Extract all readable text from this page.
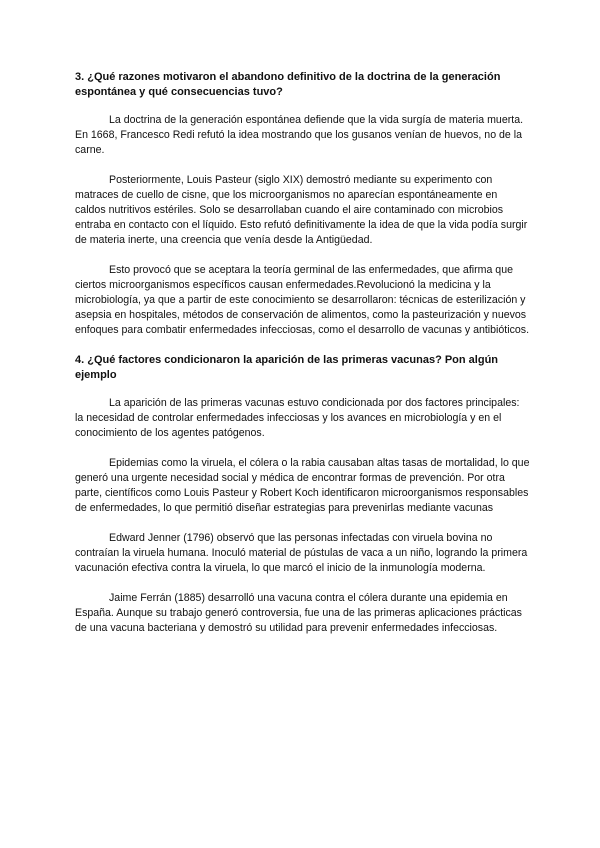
3. ¿Qué razones motivaron el abandono definitivo de la doctrina de la generación espontánea y qué consecuencias tuvo?

La doctrina de la generación espontánea defiende que la vida surgía de materia muerta. En 1668, Francesco Redi refutó la idea mostrando que los gusanos venían de huevos, no de la carne.

Posteriormente, Louis Pasteur (siglo XIX) demostró mediante su experimento con matraces de cuello de cisne, que los microorganismos no aparecían espontáneamente en caldos nutritivos estériles. Solo se desarrollaban cuando el aire contaminado con microbios entraba en contacto con el líquido. Esto refutó definitivamente la idea de que la vida podía surgir de materia inerte, una creencia que venía desde la Antigüedad.

Esto provocó que se aceptara la teoría germinal de las enfermedades, que afirma que ciertos microorganismos específicos causan enfermedades.Revolucionó la medicina y la microbiología, ya que a partir de este conocimiento se desarrollaron: técnicas de esterilización y asepsia en hospitales, métodos de conservación de alimentos, como la pasteurización y nuevos enfoques para combatir enfermedades infecciosas, como el desarrollo de vacunas y antibióticos.

4. ¿Qué factores condicionaron la aparición de las primeras vacunas? Pon algún ejemplo

La aparición de las primeras vacunas estuvo condicionada por dos factores principales: la necesidad de controlar enfermedades infecciosas y los avances en microbiología y en el conocimiento de los agentes patógenos.

Epidemias como la viruela, el cólera o la rabia causaban altas tasas de mortalidad, lo que generó una urgente necesidad social y médica de encontrar formas de prevención. Por otra parte, científicos como Louis Pasteur y Robert Koch identificaron microorganismos responsables de enfermedades, lo que permitió diseñar estrategias para prevenirlas mediante vacunas

Edward Jenner (1796) observó que las personas infectadas con viruela bovina no contraían la viruela humana. Inoculó material de pústulas de vaca a un niño, logrando la primera vacunación efectiva contra la viruela, lo que marcó el inicio de la inmunología moderna.

Jaime Ferrán (1885) desarrolló una vacuna contra el cólera durante una epidemia en España. Aunque su trabajo generó controversia, fue una de las primeras aplicaciones prácticas de una vacuna bacteriana y demostró su utilidad para prevenir enfermedades infecciosas.
